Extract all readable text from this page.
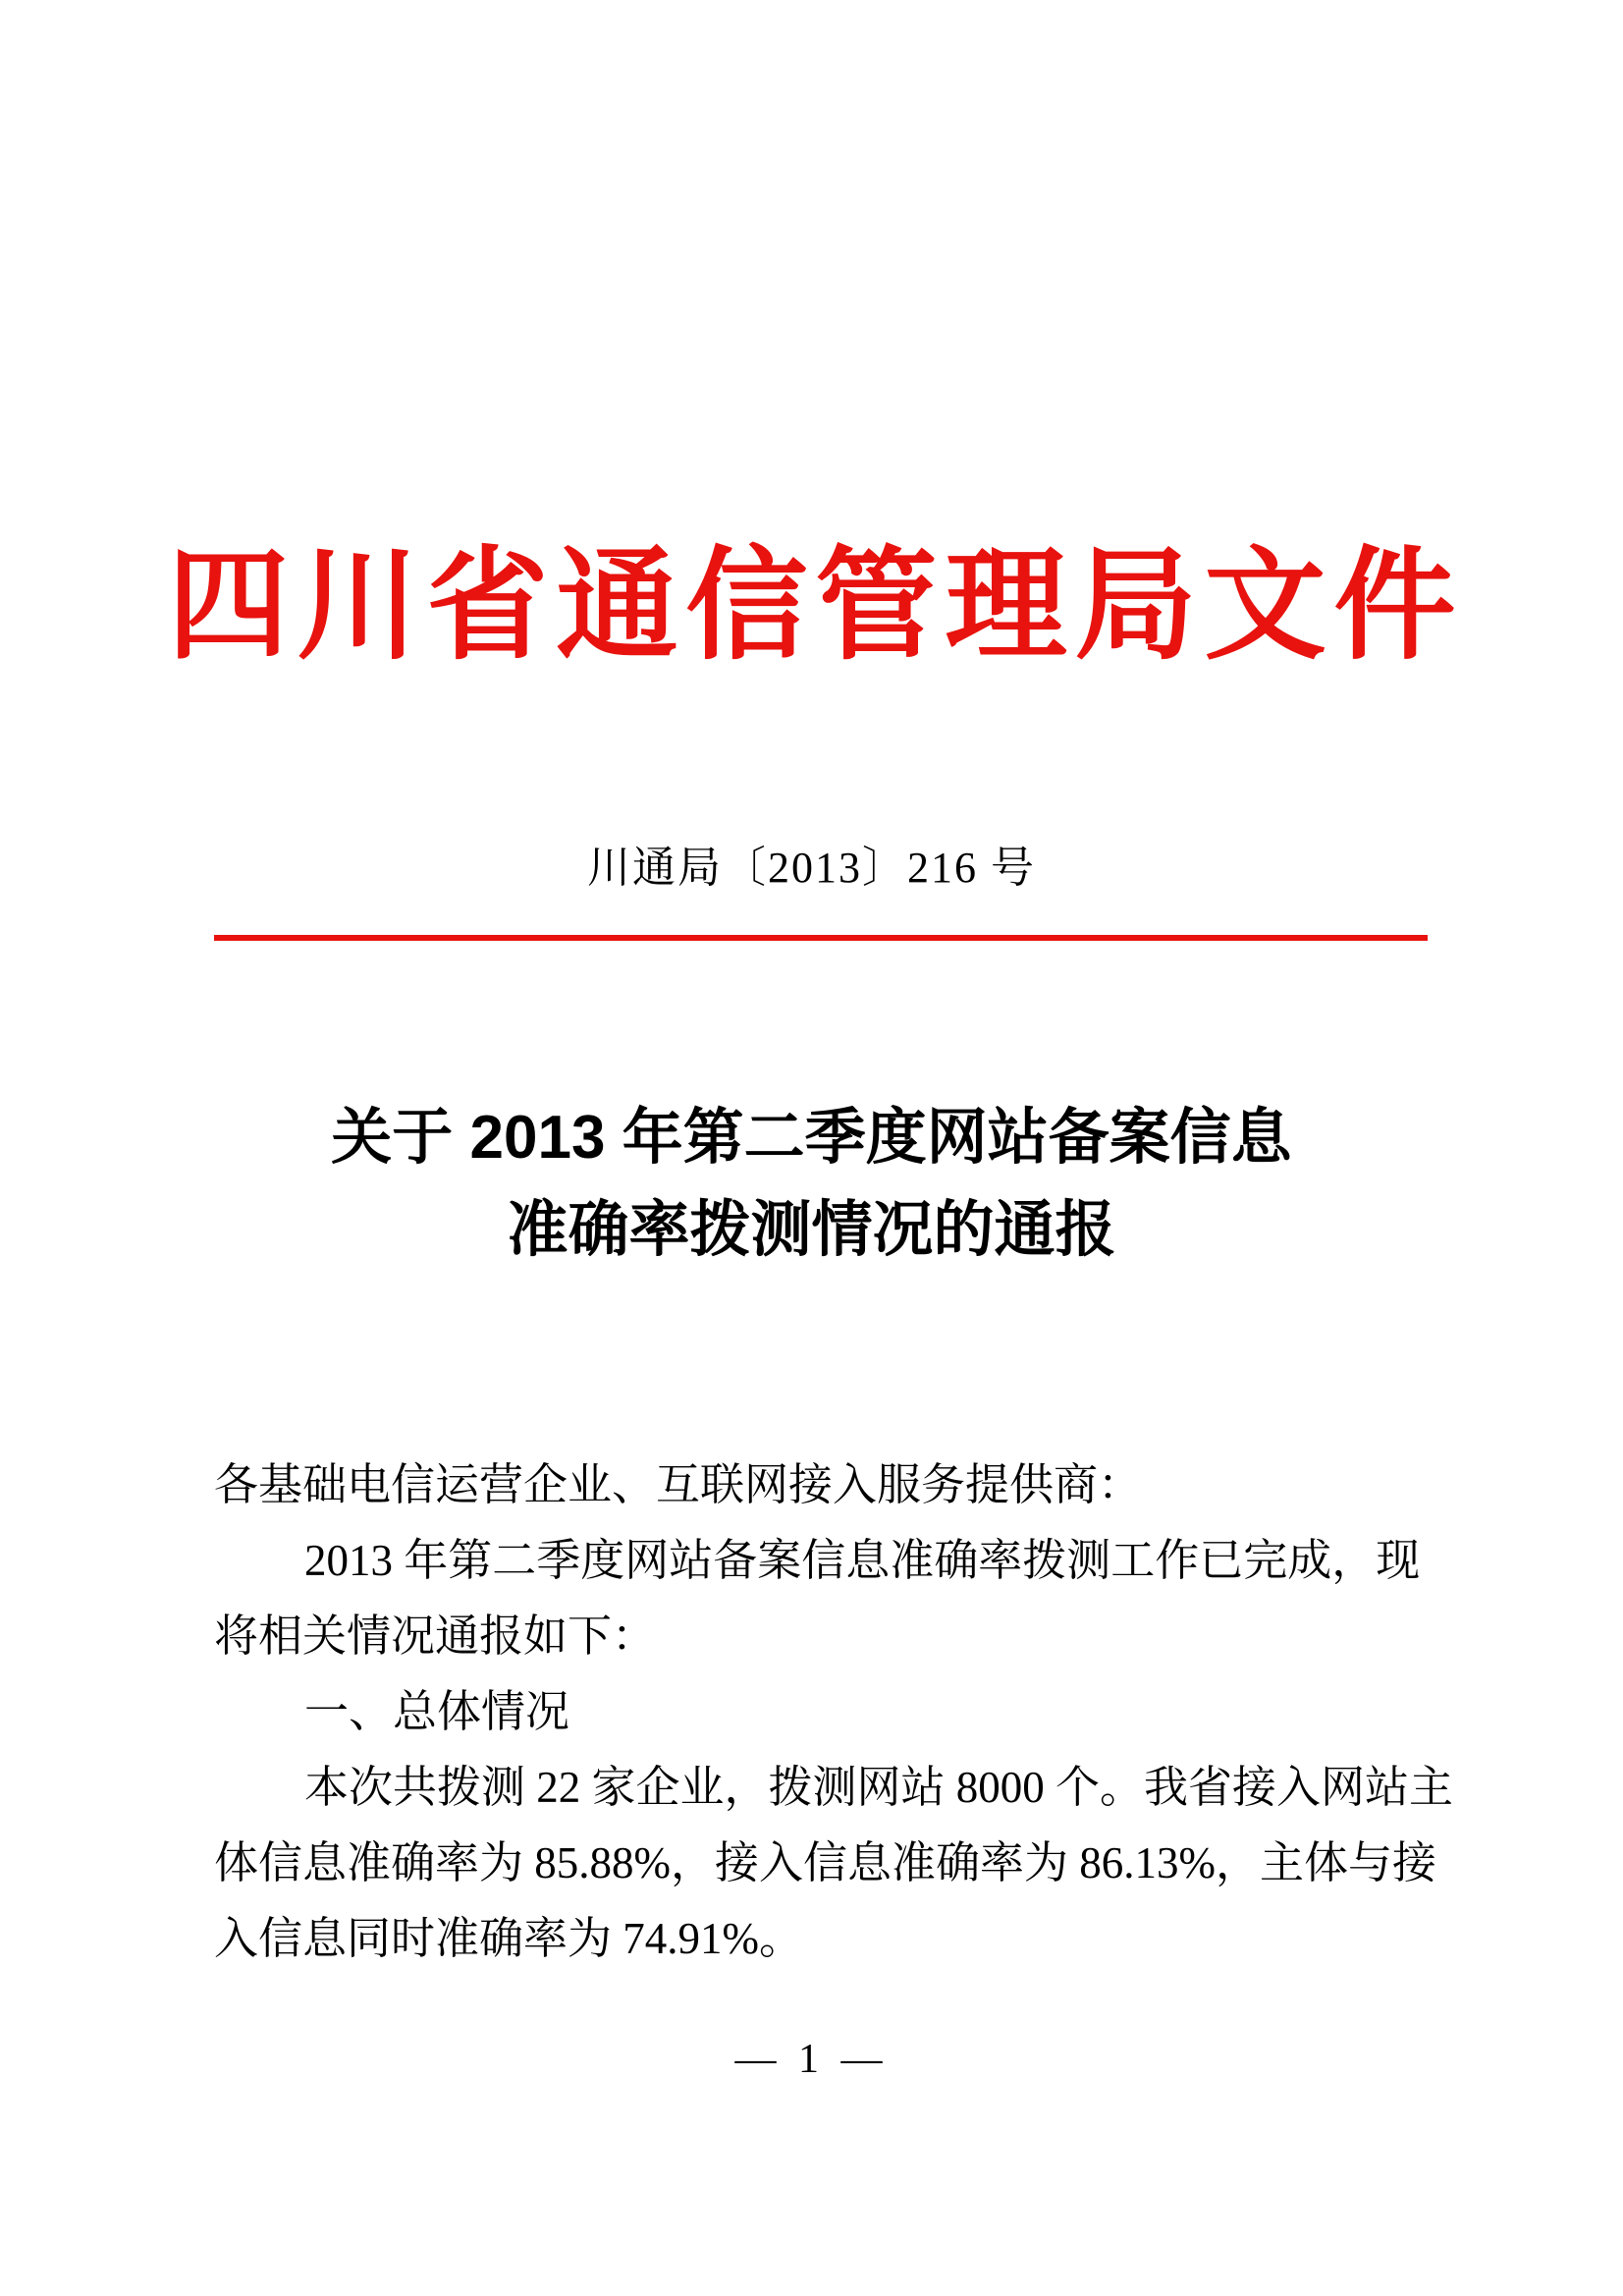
四川省通信管理局文件
川通局〔2013〕216 号
关于 2013 年第二季度网站备案信息
准确率拨测情况的通报
各基础电信运营企业、互联网接入服务提供商：
2013 年第二季度网站备案信息准确率拨测工作已完成，现
将相关情况通报如下：
一、总体情况
本次共拨测 22 家企业，拨测网站 8000 个。我省接入网站主
体信息准确率为 85.88%，接入信息准确率为 86.13%，主体与接
入信息同时准确率为 74.91%。
— 1 —
